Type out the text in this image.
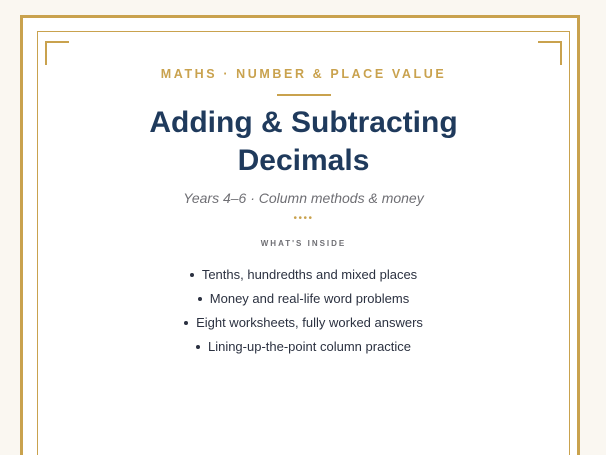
MATHS · NUMBER & PLACE VALUE
Adding & Subtracting Decimals
Years 4–6 · Column methods & money
••••
WHAT'S INSIDE
Tenths, hundredths and mixed places
Money and real-life word problems
Eight worksheets, fully worked answers
Lining-up-the-point column practice
